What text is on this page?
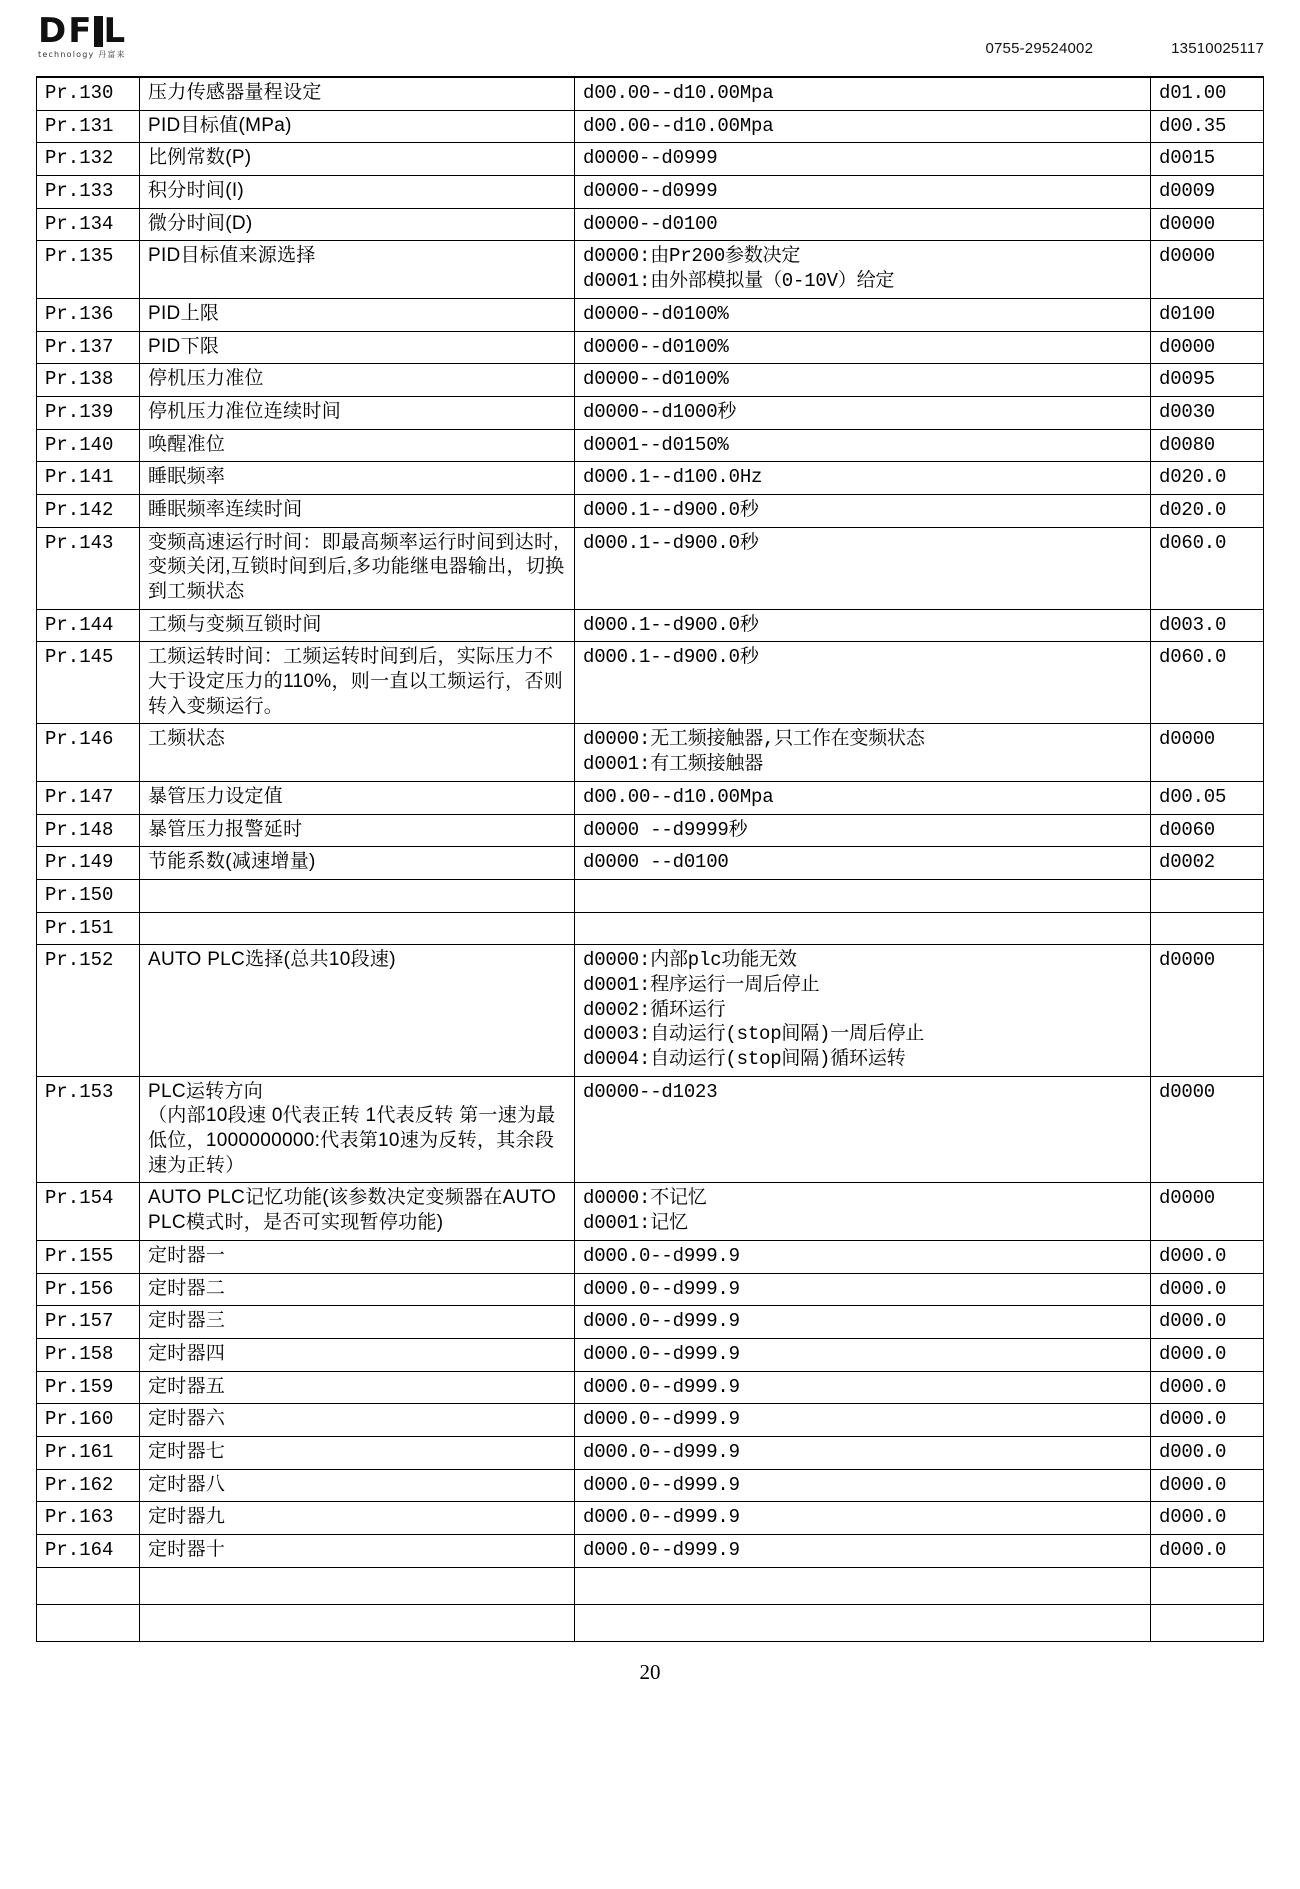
DF L
technology 丹富来	0755-29524002	13510025117
Pr.130	压力传感器量程设定	d00.00--d10.00Mpa	d01.00

Pr.131	PID目标值(MPa)	d00.00--d10.00Mpa	d00.35

Pr.132	比例常数(P)	d0000--d0999	d0015

Pr.133	积分时间(I)	d0000--d0999	d0009

Pr.134	微分时间(D)	d0000--d0100	d0000

Pr.135	PID目标值来源选择	d0000:由Pr200参数决定
d0001:由外部模拟量（0-10V）给定	d0000

Pr.136	PID上限	d0000--d0100%	d0100

Pr.137	PID下限	d0000--d0100%	d0000

Pr.138	停机压力准位	d0000--d0100%	d0095

Pr.139	停机压力准位连续时间	d0000--d1000秒	d0030

Pr.140	唤醒准位	d0001--d0150%	d0080

Pr.141	睡眠频率	d000.1--d100.0Hz	d020.0

Pr.142	睡眠频率连续时间	d000.1--d900.0秒	d020.0

Pr.143	变频高速运行时间：即最高频率运行时间到达时,变频关闭,互锁时间到后,多功能继电器输出，切换到工频状态	d000.1--d900.0秒	d060.0

Pr.144	工频与变频互锁时间	d000.1--d900.0秒	d003.0

Pr.145	工频运转时间：工频运转时间到后，实际压力不大于设定压力的110%，则一直以工频运行，否则转入变频运行。	d000.1--d900.0秒	d060.0

Pr.146	工频状态	d0000:无工频接触器,只工作在变频状态
d0001:有工频接触器	d0000

Pr.147	暴管压力设定值	d00.00--d10.00Mpa	d00.05

Pr.148	暴管压力报警延时	d0000 --d9999秒	d0060

Pr.149	节能系数(减速增量)	d0000 --d0100	d0002

Pr.150	

Pr.151	

Pr.152	AUTO PLC选择(总共10段速)	d0000:内部plc功能无效
d0001:程序运行一周后停止
d0002:循环运行
d0003:自动运行(stop间隔)一周后停止
d0004:自动运行(stop间隔)循环运转	d0000

Pr.153	PLC运转方向
（内部10段速 0代表正转 1代表反转 第一速为最低位，1000000000:代表第10速为反转，其余段速为正转）	d0000--d1023	d0000

Pr.154	AUTO PLC记忆功能(该参数决定变频器在AUTO PLC模式时，是否可实现暂停功能)	d0000:不记忆
d0001:记忆	d0000

Pr.155	定时器一	d000.0--d999.9	d000.0

Pr.156	定时器二	d000.0--d999.9	d000.0

Pr.157	定时器三	d000.0--d999.9	d000.0

Pr.158	定时器四	d000.0--d999.9	d000.0

Pr.159	定时器五	d000.0--d999.9	d000.0

Pr.160	定时器六	d000.0--d999.9	d000.0

Pr.161	定时器七	d000.0--d999.9	d000.0

Pr.162	定时器八	d000.0--d999.9	d000.0

Pr.163	定时器九	d000.0--d999.9	d000.0

Pr.164	定时器十	d000.0--d999.9	d000.0

20
